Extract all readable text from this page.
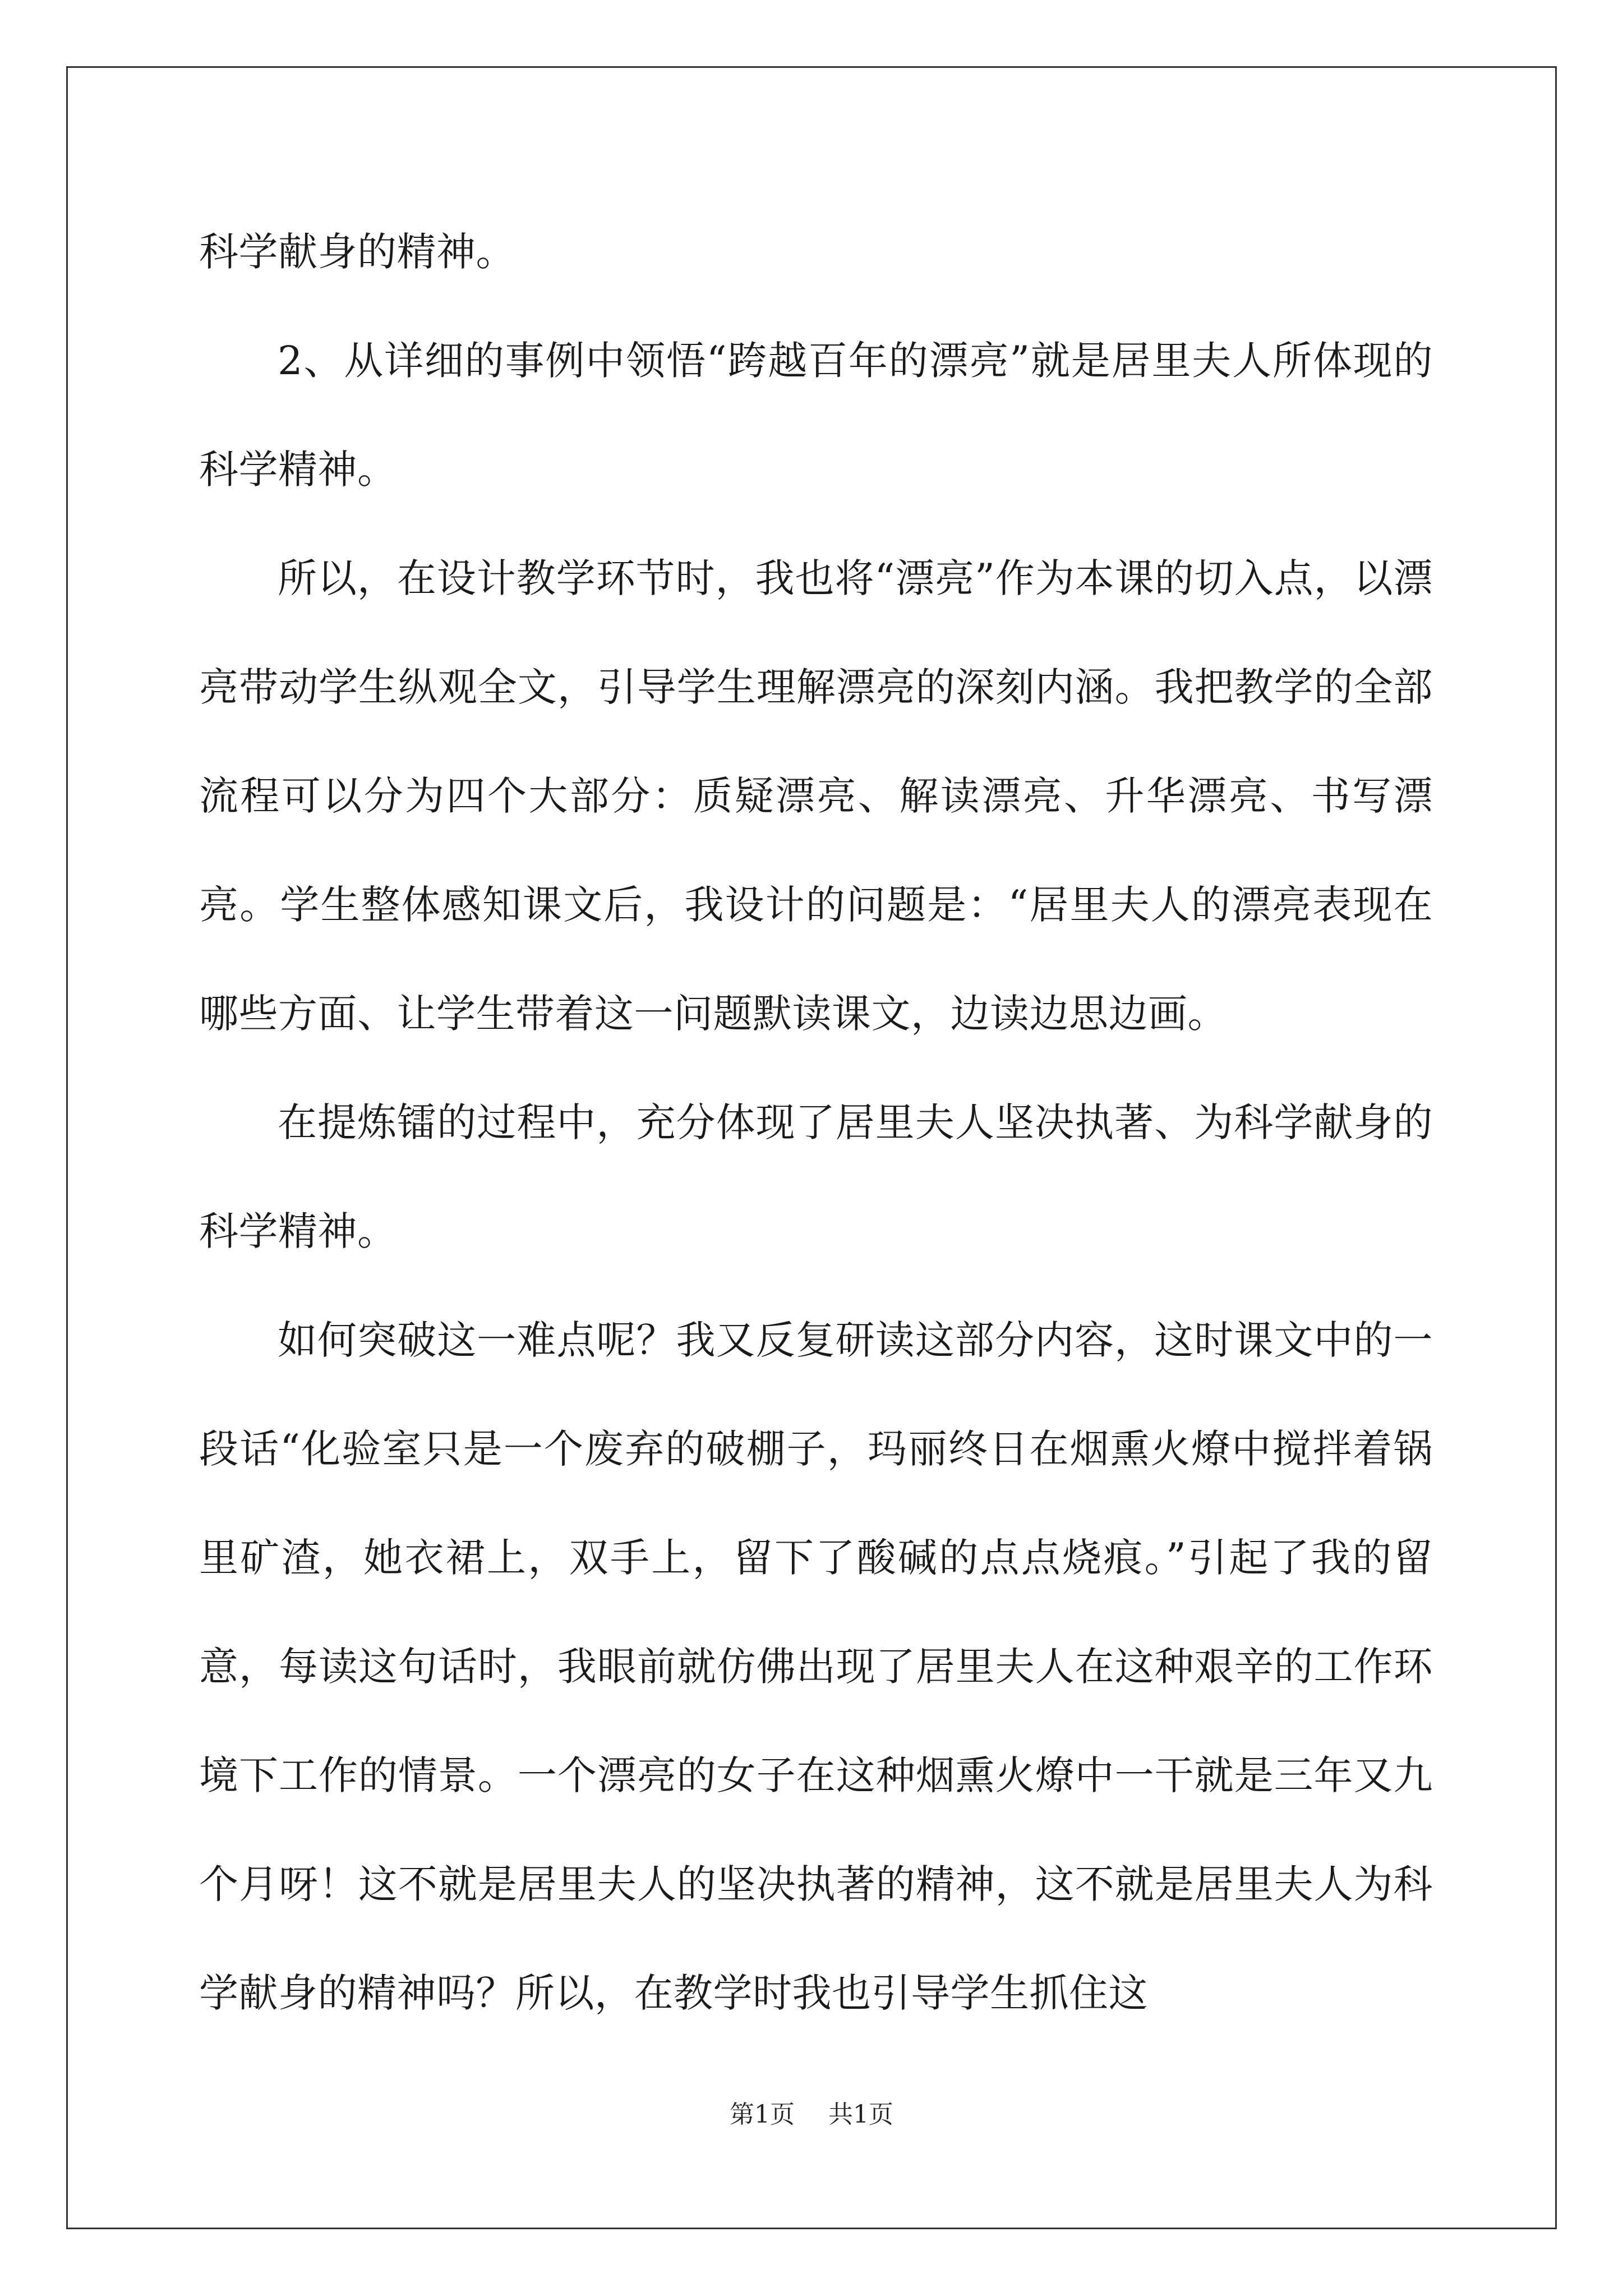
科学献身的精神。

2、从详细的事例中领悟“跨越百年的漂亮”就是居里夫人所体现的科学精神。

所以，在设计教学环节时，我也将“漂亮”作为本课的切入点，以漂亮带动学生纵观全文，引导学生理解漂亮的深刻内涵。我把教学的全部流程可以分为四个大部分：质疑漂亮、解读漂亮、升华漂亮、书写漂亮。学生整体感知课文后，我设计的问题是：“居里夫人的漂亮表现在哪些方面、让学生带着这一问题默读课文，边读边思边画。

在提炼镭的过程中，充分体现了居里夫人坚决执著、为科学献身的科学精神。

如何突破这一难点呢？我又反复研读这部分内容，这时课文中的一段话“化验室只是一个废弃的破棚子，玛丽终日在烟熏火燎中搅拌着锅里矿渣，她衣裙上，双手上，留下了酸碱的点点烧痕。”引起了我的留意，每读这句话时，我眼前就仿佛出现了居里夫人在这种艰辛的工作环境下工作的情景。一个漂亮的女子在这种烟熏火燎中一干就是三年又九个月呀！这不就是居里夫人的坚决执著的精神，这不就是居里夫人为科学献身的精神吗？所以，在教学时我也引导学生抓住这

第1页 共1页
